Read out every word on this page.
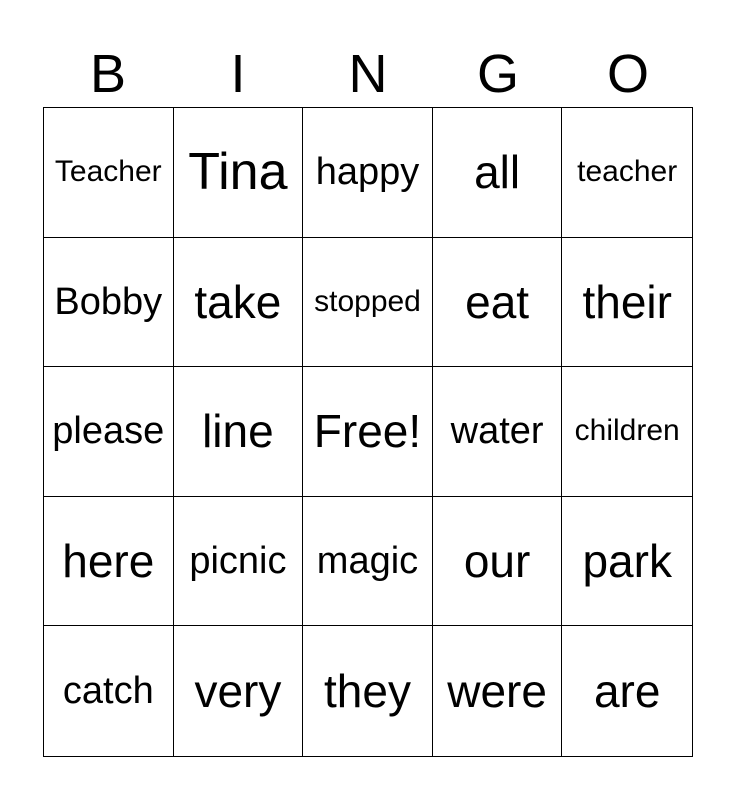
B	I	N	G	O
Teacher Tina happy all teacher
Bobby take stopped eat their
please line Free! water children
here picnic magic our park
catch very they were are
